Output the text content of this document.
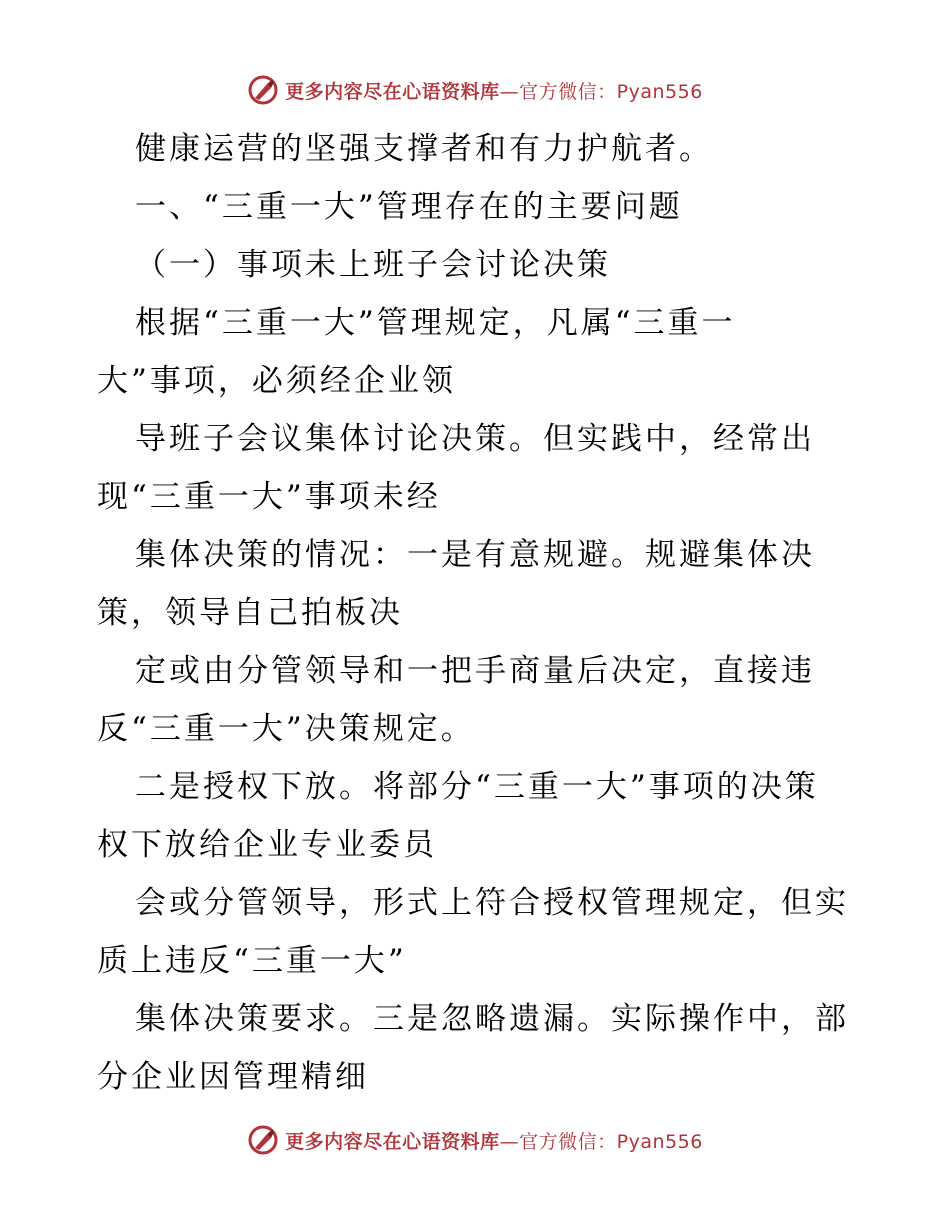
更多内容尽在心语资料库—官方微信：Pyan556
健康运营的坚强支撑者和有力护航者。
一、“三重一大”管理存在的主要问题
（一）事项未上班子会讨论决策
根据“三重一大”管理规定，凡属“三重一
大”事项，必须经企业领
导班子会议集体讨论决策。但实践中，经常出
现“三重一大”事项未经
集体决策的情况：一是有意规避。规避集体决
策，领导自己拍板决
定或由分管领导和一把手商量后决定，直接违
反“三重一大”决策规定。
二是授权下放。将部分“三重一大”事项的决策
权下放给企业专业委员
会或分管领导，形式上符合授权管理规定，但实
质上违反“三重一大”
集体决策要求。三是忽略遗漏。实际操作中，部
分企业因管理精细
更多内容尽在心语资料库—官方微信：Pyan556
